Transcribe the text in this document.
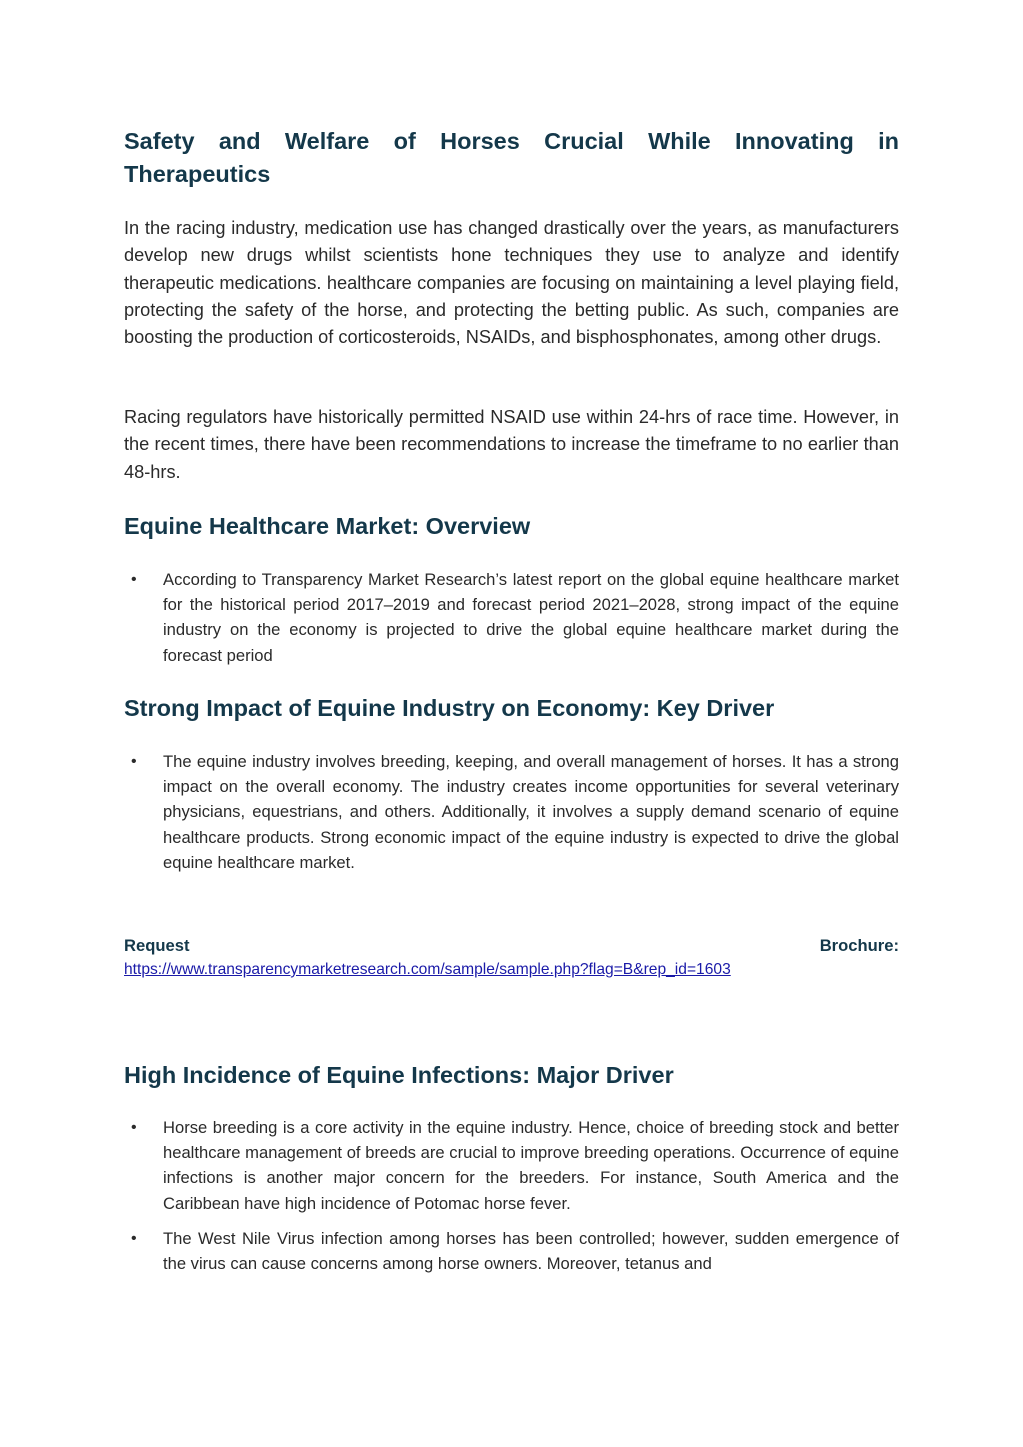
Safety and Welfare of Horses Crucial While Innovating in Therapeutics

In the racing industry, medication use has changed drastically over the years, as manufacturers develop new drugs whilst scientists hone techniques they use to analyze and identify therapeutic medications. healthcare companies are focusing on maintaining a level playing field, protecting the safety of the horse, and protecting the betting public. As such, companies are boosting the production of corticosteroids, NSAIDs, and bisphosphonates, among other drugs.

Racing regulators have historically permitted NSAID use within 24-hrs of race time. However, in the recent times, there have been recommendations to increase the timeframe to no earlier than 48-hrs.

Equine Healthcare Market: Overview
• According to Transparency Market Research’s latest report on the global equine healthcare market for the historical period 2017–2019 and forecast period 2021–2028, strong impact of the equine industry on the economy is projected to drive the global equine healthcare market during the forecast period
Strong Impact of Equine Industry on Economy: Key Driver
• The equine industry involves breeding, keeping, and overall management of horses. It has a strong impact on the overall economy. The industry creates income opportunities for several veterinary physicians, equestrians, and others. Additionally, it involves a supply demand scenario of equine healthcare products. Strong economic impact of the equine industry is expected to drive the global equine healthcare market.
Request	Brochure:
https://www.transparencymarketresearch.com/sample/sample.php?flag=B&rep_id=1603
High Incidence of Equine Infections: Major Driver
• Horse breeding is a core activity in the equine industry. Hence, choice of breeding stock and better healthcare management of breeds are crucial to improve breeding operations. Occurrence of equine infections is another major concern for the breeders. For instance, South America and the Caribbean have high incidence of Potomac horse fever.
• The West Nile Virus infection among horses has been controlled; however, sudden emergence of the virus can cause concerns among horse owners. Moreover, tetanus and
